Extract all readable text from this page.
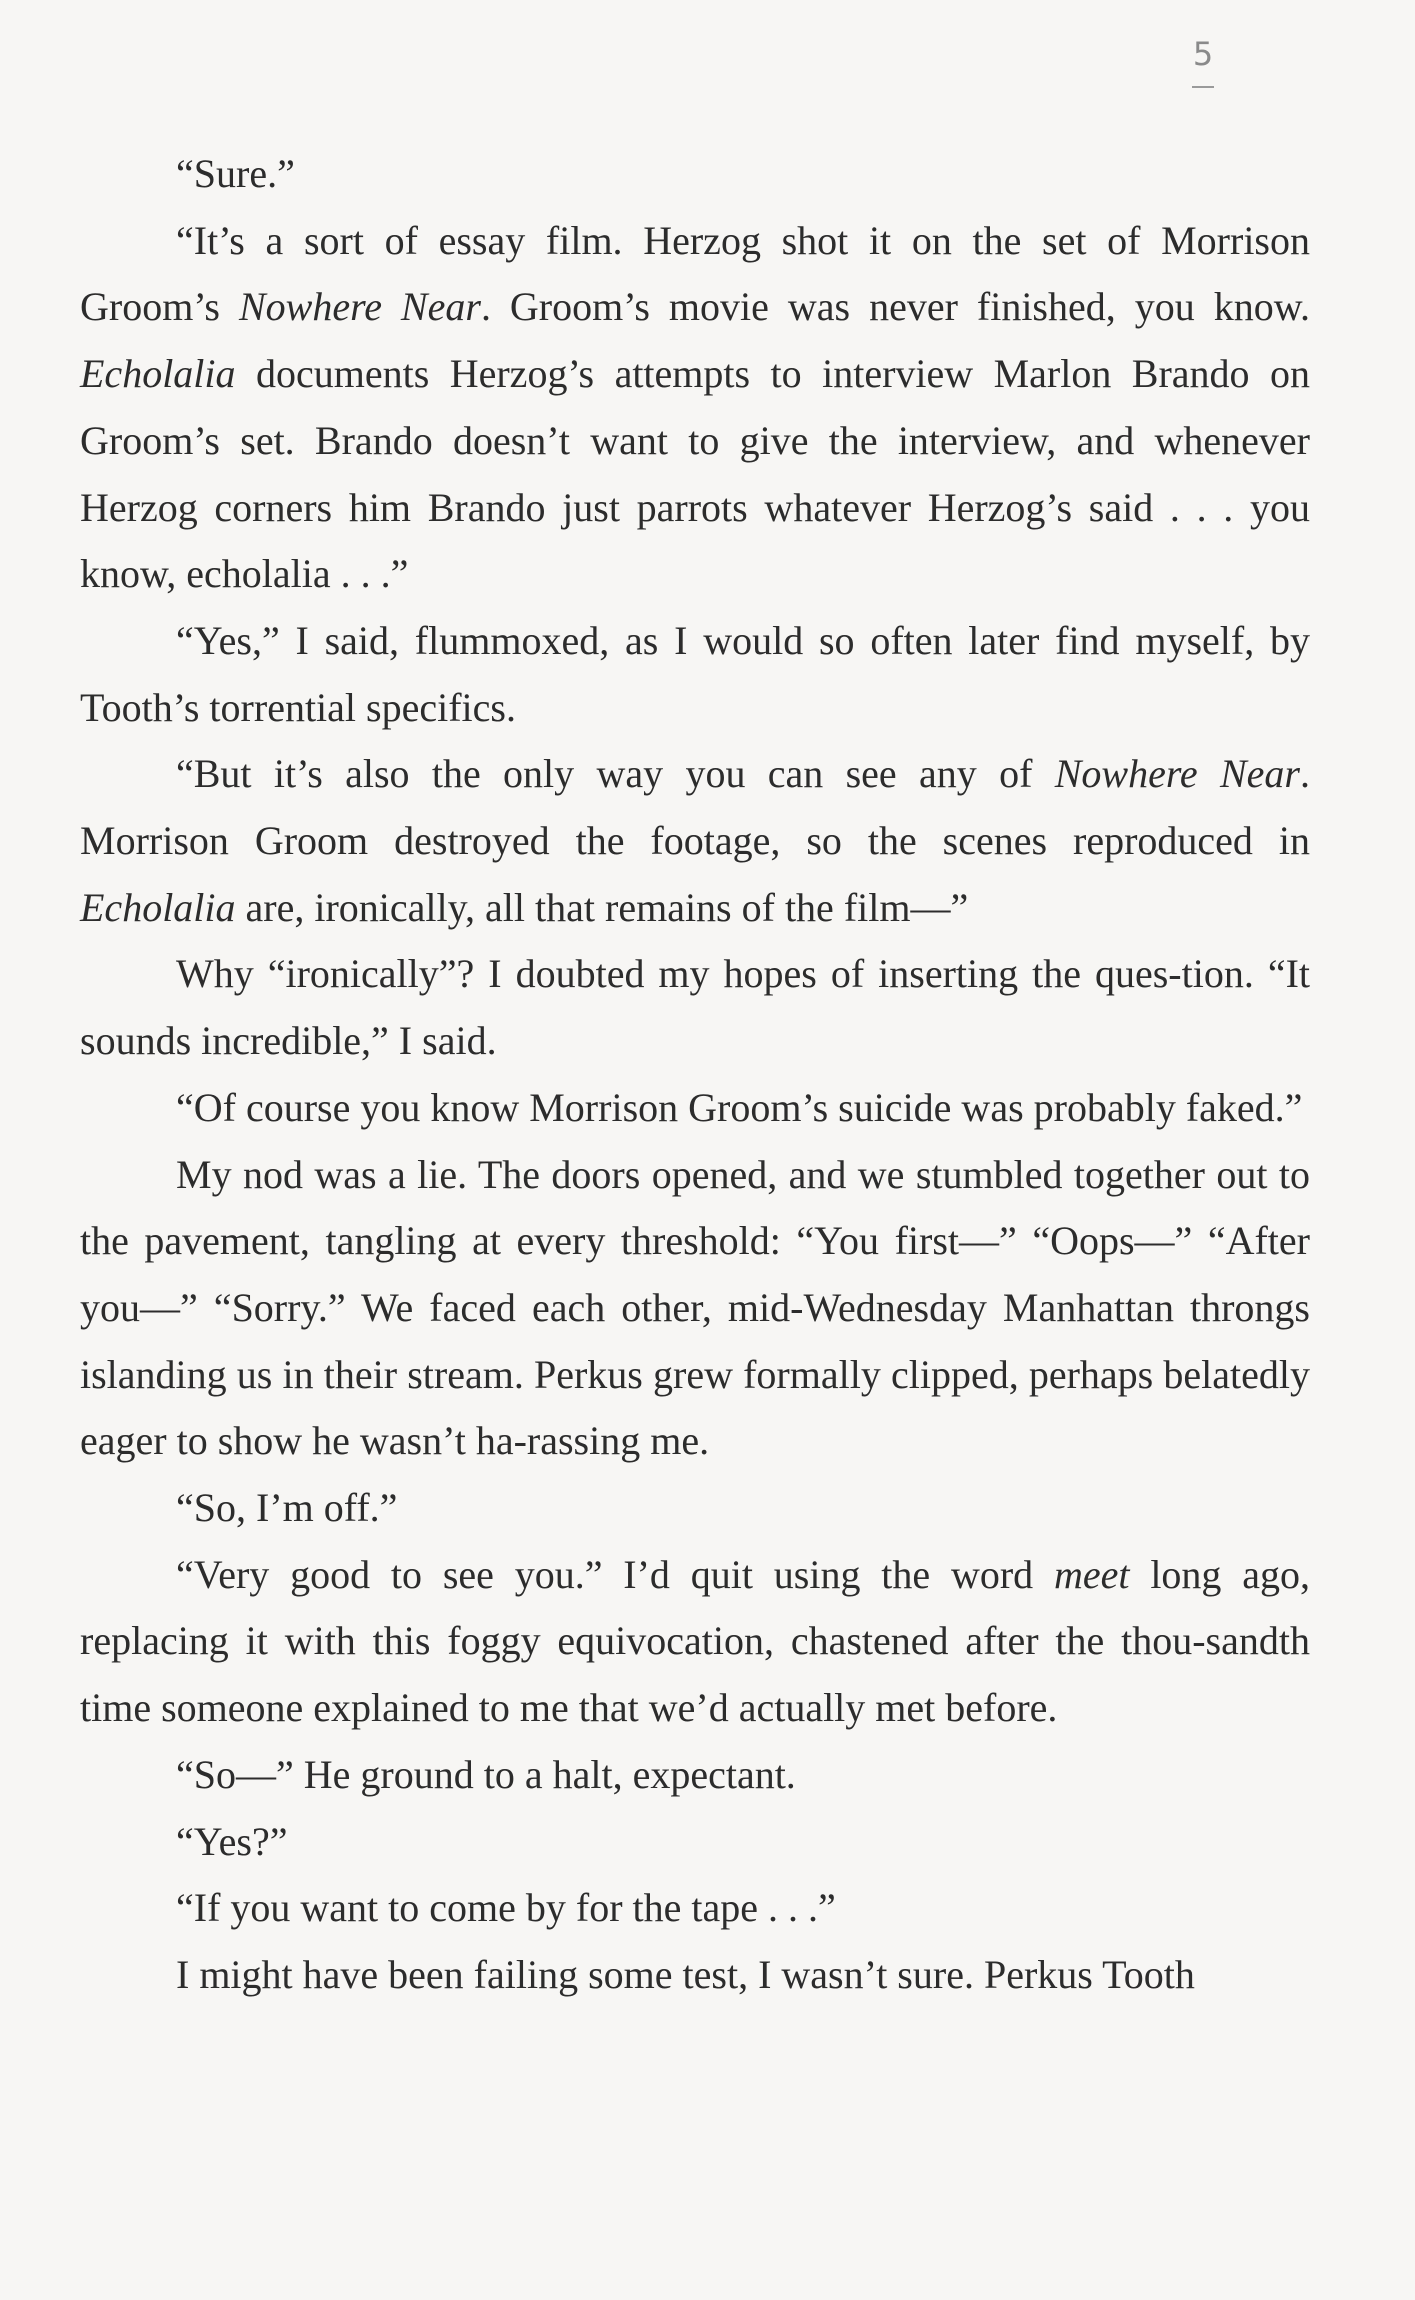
5

“Sure.”

“It’s a sort of essay film. Herzog shot it on the set of Morrison Groom’s Nowhere Near. Groom’s movie was never finished, you know. Echolalia documents Herzog’s attempts to interview Marlon Brando on Groom’s set. Brando doesn’t want to give the interview, and whenever Herzog corners him Brando just parrots whatever Herzog’s said . . . you know, echolalia . . .”

“Yes,” I said, flummoxed, as I would so often later find myself, by Tooth’s torrential specifics.

“But it’s also the only way you can see any of Nowhere Near. Morrison Groom destroyed the footage, so the scenes reproduced in Echolalia are, ironically, all that remains of the film—”

Why “ironically”? I doubted my hopes of inserting the ques-tion. “It sounds incredible,” I said.

“Of course you know Morrison Groom’s suicide was probably faked.”

My nod was a lie. The doors opened, and we stumbled together out to the pavement, tangling at every threshold: “You first—” “Oops—” “After you—” “Sorry.” We faced each other, mid-Wednesday Manhattan throngs islanding us in their stream. Perkus grew formally clipped, perhaps belatedly eager to show he wasn’t ha-rassing me.

“So, I’m off.”

“Very good to see you.” I’d quit using the word meet long ago, replacing it with this foggy equivocation, chastened after the thou-sandth time someone explained to me that we’d actually met before.

“So—” He ground to a halt, expectant.

“Yes?”

“If you want to come by for the tape . . .”

I might have been failing some test, I wasn’t sure. Perkus Tooth
